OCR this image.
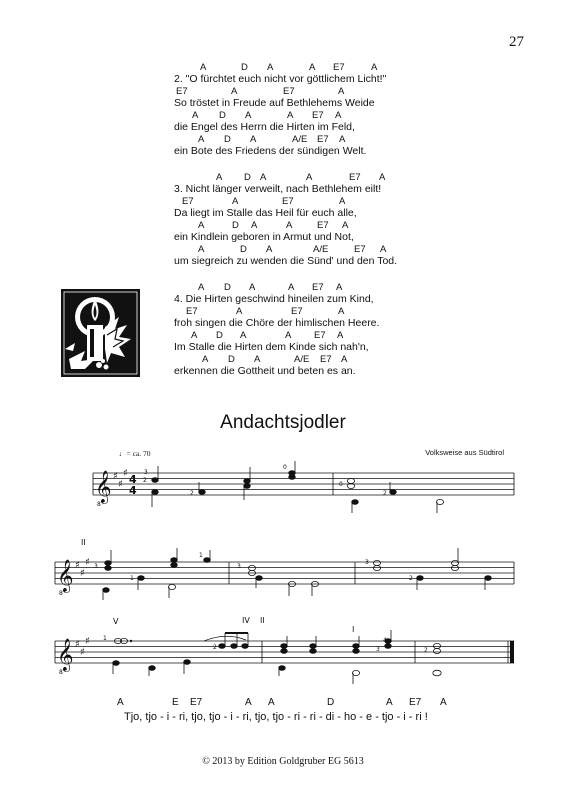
27
A	D A	A E7	A
2. "O fürchtet euch nicht vor göttlichem Licht!"
E7	A	E7	A
So tröstet in Freude auf Bethlehems Weide
A D A	A E7 A
die Engel des Herrn die Hirten im Feld,
A D A	A/E E7 A
ein Bote des Friedens der sündigen Welt.
A D A	A	E7 A
3. Nicht länger verweilt, nach Bethlehem eilt!
E7	A	E7	A
Da liegt im Stalle das Heil für euch alle,
A	D A	A	E7 A
ein Kindlein geboren in Armut und Not,
A	D A	A/E	E7 A
um siegreich zu wenden die Sünd' und den Tod.
A D A	A E7 A
4. Die Hirten geschwind hineilen zum Kind,
E7	A	E7	A
froh singen die Chöre der himlischen Heere.
A D A	A E7 A
Im Stalle die Hirten dem Kinde sich nah'n,
A D A	A/E E7 A
erkennen die Gottheit und beten es an.
Andachtsjodler
♩= ca. 70	Volksweise aus Südtirol
𝄞
𝄞
𝄞
8
8
8
♯
♯
♯
♯
♯
♯
♯
♯
♯
4
4
II
V	IV II
I
2
3
2
0
0
2
3
1
1
3
3
2
1
2	3
4
2
A	E E7	A A	D	A E7 A
Tjo, tjo - i - ri, tjo, tjo - i - ri, tjo, tjo - ri - ri - di - ho - e - tjo - i - ri !
© 2013 by Edition Goldgruber EG 5613
